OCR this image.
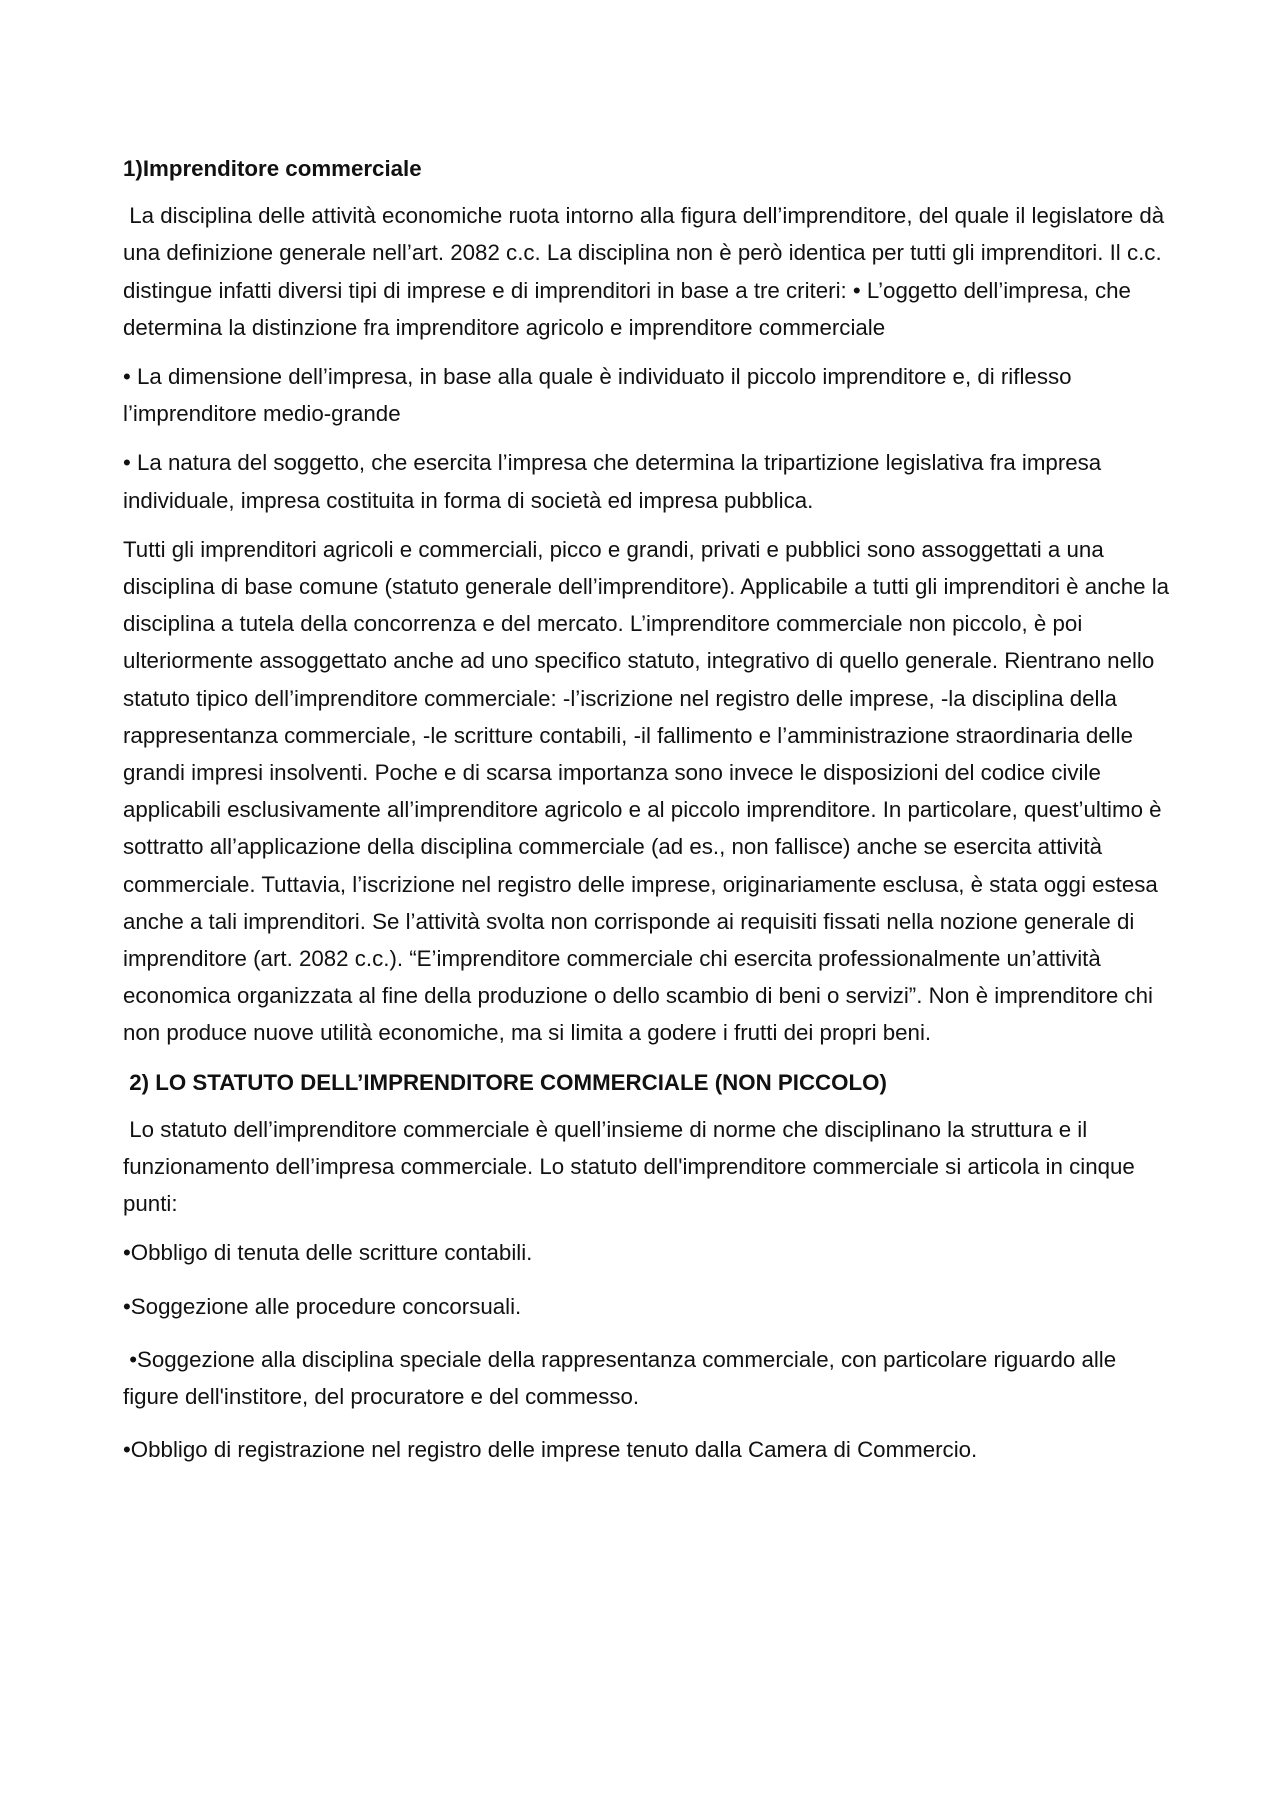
1)Imprenditore commerciale
La disciplina delle attività economiche ruota intorno alla figura dell’imprenditore, del quale il legislatore dà una definizione generale nell’art. 2082 c.c. La disciplina non è però identica per tutti gli imprenditori. Il c.c. distingue infatti diversi tipi di imprese e di imprenditori in base a tre criteri: • L’oggetto dell’impresa, che determina la distinzione fra imprenditore agricolo e imprenditore commerciale
• La dimensione dell’impresa, in base alla quale è individuato il piccolo imprenditore e, di riflesso l’imprenditore medio-grande
• La natura del soggetto, che esercita l’impresa che determina la tripartizione legislativa fra impresa individuale, impresa costituita in forma di società ed impresa pubblica.
Tutti gli imprenditori agricoli e commerciali, picco e grandi, privati e pubblici sono assoggettati a una disciplina di base comune (statuto generale dell’imprenditore). Applicabile a tutti gli imprenditori è anche la disciplina a tutela della concorrenza e del mercato. L’imprenditore commerciale non piccolo, è poi ulteriormente assoggettato anche ad uno specifico statuto, integrativo di quello generale. Rientrano nello statuto tipico dell’imprenditore commerciale: -l’iscrizione nel registro delle imprese, -la disciplina della rappresentanza commerciale, -le scritture contabili, -il fallimento e l’amministrazione straordinaria delle grandi impresi insolventi. Poche e di scarsa importanza sono invece le disposizioni del codice civile applicabili esclusivamente all’imprenditore agricolo e al piccolo imprenditore. In particolare, quest’ultimo è sottratto all’applicazione della disciplina commerciale (ad es., non fallisce) anche se esercita attività commerciale. Tuttavia, l’iscrizione nel registro delle imprese, originariamente esclusa, è stata oggi estesa anche a tali imprenditori. Se l’attività svolta non corrisponde ai requisiti fissati nella nozione generale di imprenditore (art. 2082 c.c.). “E’imprenditore commerciale chi esercita professionalmente un’attività economica organizzata al fine della produzione o dello scambio di beni o servizi”. Non è imprenditore chi non produce nuove utilità economiche, ma si limita a godere i frutti dei propri beni.
2) LO STATUTO DELL’IMPRENDITORE COMMERCIALE (NON PICCOLO)
Lo statuto dell’imprenditore commerciale è quell’insieme di norme che disciplinano la struttura e il funzionamento dell’impresa commerciale. Lo statuto dell'imprenditore commerciale si articola in cinque punti:
•Obbligo di tenuta delle scritture contabili.
•Soggezione alle procedure concorsuali.
•Soggezione alla disciplina speciale della rappresentanza commerciale, con particolare riguardo alle figure dell'institore, del procuratore e del commesso.
•Obbligo di registrazione nel registro delle imprese tenuto dalla Camera di Commercio.
